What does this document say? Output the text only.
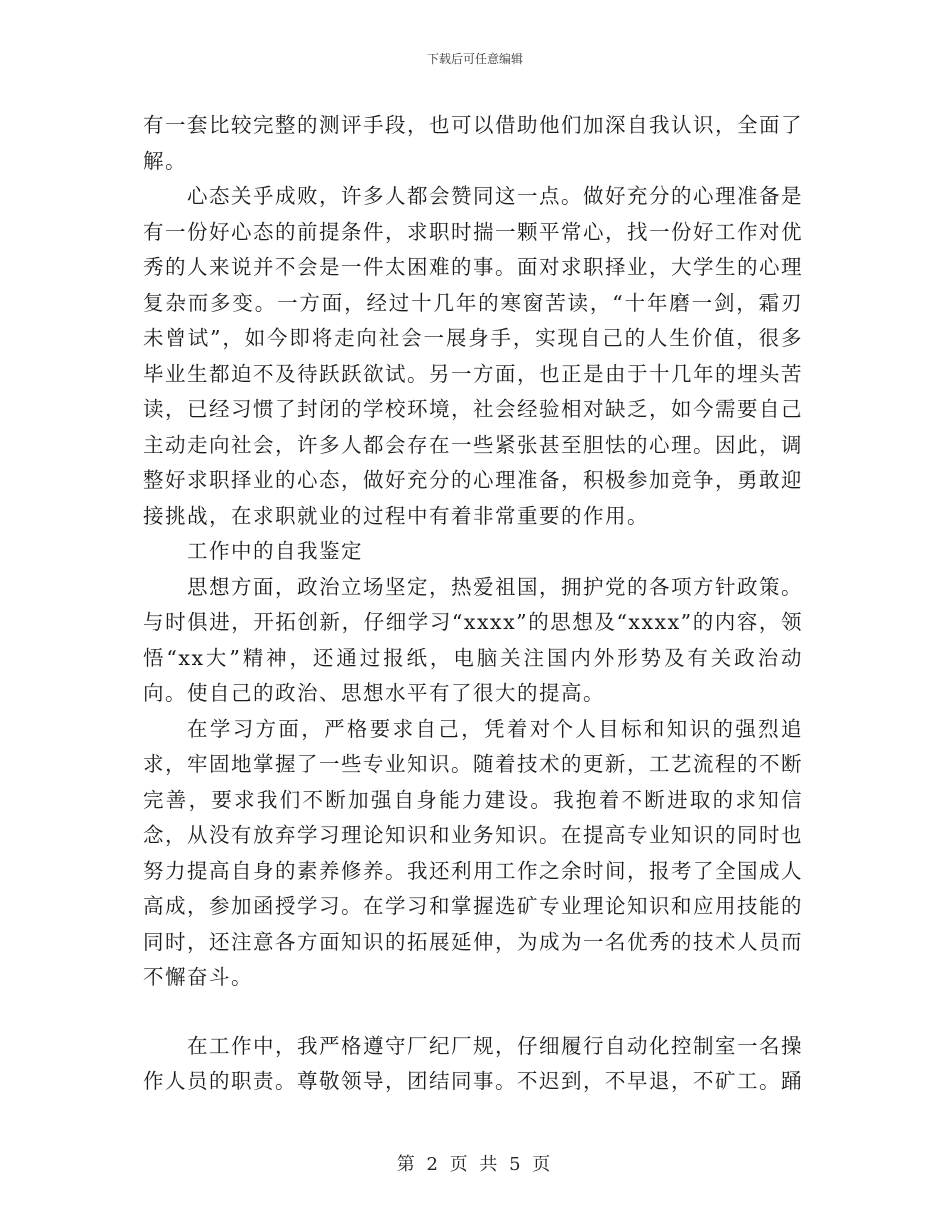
下载后可任意编辑

有一套比较完整的测评手段，也可以借助他们加深自我认识，全面了解。

心态关乎成败，许多人都会赞同这一点。做好充分的心理准备是有一份好心态的前提条件，求职时揣一颗平常心，找一份好工作对优秀的人来说并不会是一件太困难的事。面对求职择业，大学生的心理复杂而多变。一方面，经过十几年的寒窗苦读，“十年磨一剑，霜刃未曾试”，如今即将走向社会一展身手，实现自己的人生价值，很多毕业生都迫不及待跃跃欲试。另一方面，也正是由于十几年的埋头苦读，已经习惯了封闭的学校环境，社会经验相对缺乏，如今需要自己主动走向社会，许多人都会存在一些紧张甚至胆怯的心理。因此，调整好求职择业的心态，做好充分的心理准备，积极参加竞争，勇敢迎接挑战，在求职就业的过程中有着非常重要的作用。

工作中的自我鉴定

思想方面，政治立场坚定，热爱祖国，拥护党的各项方针政策。与时俱进，开拓创新，仔细学习“xxxx”的思想及“xxxx”的内容，领悟“xx大”精神，还通过报纸，电脑关注国内外形势及有关政治动向。使自己的政治、思想水平有了很大的提高。

在学习方面，严格要求自己，凭着对个人目标和知识的强烈追求，牢固地掌握了一些专业知识。随着技术的更新，工艺流程的不断完善，要求我们不断加强自身能力建设。我抱着不断进取的求知信念，从没有放弃学习理论知识和业务知识。在提高专业知识的同时也努力提高自身的素养修养。我还利用工作之余时间，报考了全国成人高成，参加函授学习。在学习和掌握选矿专业理论知识和应用技能的同时，还注意各方面知识的拓展延伸，为成为一名优秀的技术人员而不懈奋斗。

在工作中，我严格遵守厂纪厂规，仔细履行自动化控制室一名操作人员的职责。尊敬领导，团结同事。不迟到，不早退，不矿工。踊

第 2 页 共 5 页
